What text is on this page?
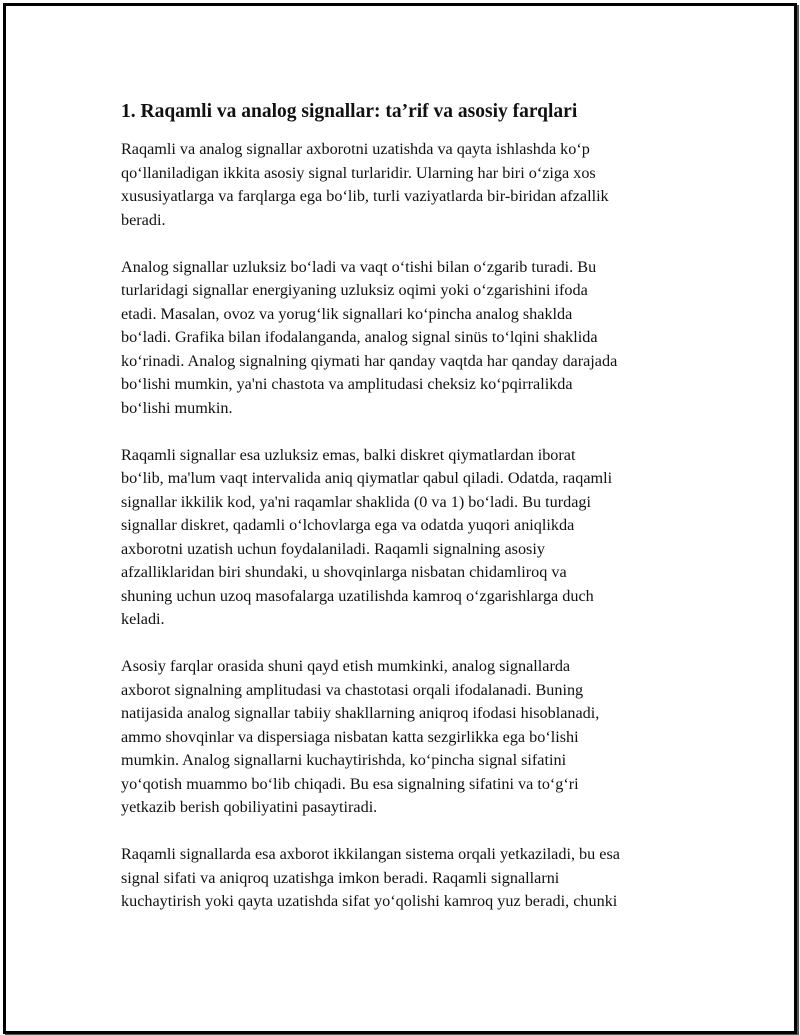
1. Raqamli va analog signallar: ta’rif va asosiy farqlari

Raqamli va analog signallar axborotni uzatishda va qayta ishlashda ko‘p
qo‘llaniladigan ikkita asosiy signal turlaridir. Ularning har biri o‘ziga xos
xususiyatlarga va farqlarga ega bo‘lib, turli vaziyatlarda bir-biridan afzallik
beradi.

Analog signallar uzluksiz bo‘ladi va vaqt o‘tishi bilan o‘zgarib turadi. Bu
turlaridagi signallar energiyaning uzluksiz oqimi yoki o‘zgarishini ifoda
etadi. Masalan, ovoz va yorug‘lik signallari ko‘pincha analog shaklda
bo‘ladi. Grafika bilan ifodalanganda, analog signal sinüs to‘lqini shaklida
ko‘rinadi. Analog signalning qiymati har qanday vaqtda har qanday darajada
bo‘lishi mumkin, ya'ni chastota va amplitudasi cheksiz ko‘pqirralikda
bo‘lishi mumkin.

Raqamli signallar esa uzluksiz emas, balki diskret qiymatlardan iborat
bo‘lib, ma'lum vaqt intervalida aniq qiymatlar qabul qiladi. Odatda, raqamli
signallar ikkilik kod, ya'ni raqamlar shaklida (0 va 1) bo‘ladi. Bu turdagi
signallar diskret, qadamli o‘lchovlarga ega va odatda yuqori aniqlikda
axborotni uzatish uchun foydalaniladi. Raqamli signalning asosiy
afzalliklaridan biri shundaki, u shovqinlarga nisbatan chidamliroq va
shuning uchun uzoq masofalarga uzatilishda kamroq o‘zgarishlarga duch
keladi.

Asosiy farqlar orasida shuni qayd etish mumkinki, analog signallarda
axborot signalning amplitudasi va chastotasi orqali ifodalanadi. Buning
natijasida analog signallar tabiiy shakllarning aniqroq ifodasi hisoblanadi,
ammo shovqinlar va dispersiaga nisbatan katta sezgirlikka ega bo‘lishi
mumkin. Analog signallarni kuchaytirishda, ko‘pincha signal sifatini
yo‘qotish muammo bo‘lib chiqadi. Bu esa signalning sifatini va to‘g‘ri
yetkazib berish qobiliyatini pasaytiradi.

Raqamli signallarda esa axborot ikkilangan sistema orqali yetkaziladi, bu esa
signal sifati va aniqroq uzatishga imkon beradi. Raqamli signallarni
kuchaytirish yoki qayta uzatishda sifat yo‘qolishi kamroq yuz beradi, chunki
